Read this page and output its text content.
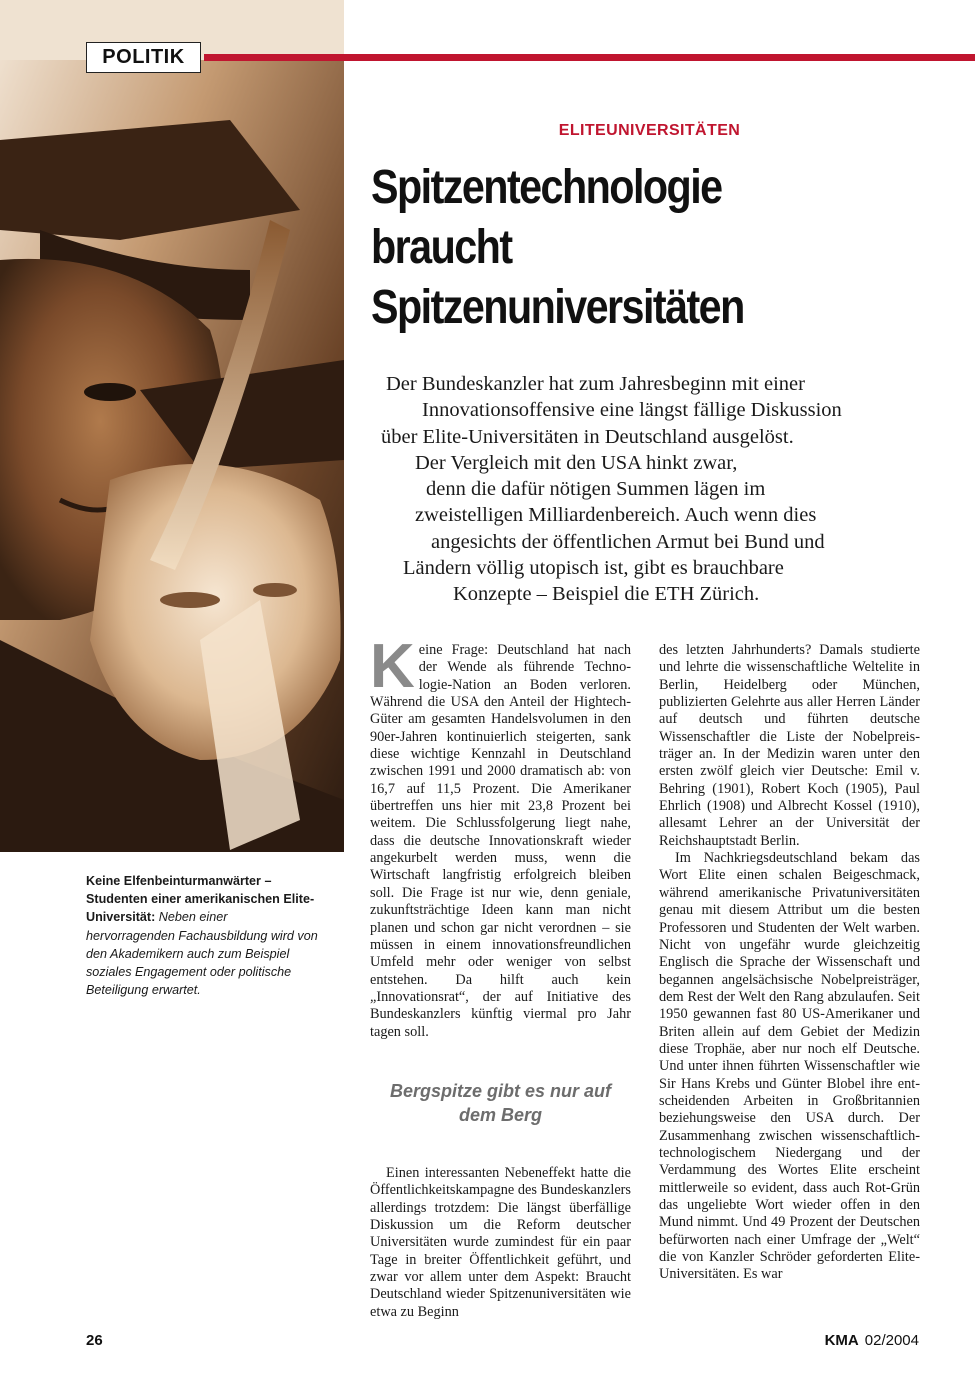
POLITIK
ELITEUNIVERSITÄTEN
Spitzentechnologie
braucht
Spitzenuniversitäten
Der Bundeskanzler hat zum Jahresbeginn mit einer
Innovationsoffensive eine längst fällige Diskussion
über Elite-Universitäten in Deutschland ausgelöst.
Der Vergleich mit den USA hinkt zwar,
denn die dafür nötigen Summen lägen im
zweistelligen Milliardenbereich. Auch wenn dies
angesichts der öffentlichen Armut bei Bund und
Ländern völlig utopisch ist, gibt es brauchbare
Konzepte – Beispiel die ETH Zürich.
Keine Elfenbeinturmanwärter – Studenten einer amerikanischen Elite-Universität: Neben einer hervorragenden Fachausbildung wird von den Akademikern auch zum Beispiel soziales Engagement oder politische Beteiligung erwartet.

Keine Frage: Deutschland hat nach der Wende als führende Technologie-Nation an Boden verloren. Während die USA den Anteil der Hightech-Güter am gesamten Handelsvolumen in den 90er-Jahren kontinuierlich steigerten, sank diese wichtige Kennzahl in Deutschland zwischen 1991 und 2000 dramatisch ab: von 16,7 auf 11,5 Prozent. Die Amerikaner übertreffen uns hier mit 23,8 Prozent bei weitem. Die Schlussfolgerung liegt nahe, dass die deutsche Innovationskraft wieder angekurbelt werden muss, wenn die Wirtschaft langfristig erfolgreich bleiben soll. Die Frage ist nur wie, denn geniale, zukunftsträchtige Ideen kann man nicht planen und schon gar nicht verordnen – sie müssen in einem innovationsfreundlichen Umfeld mehr oder weniger von selbst entstehen. Da hilft auch kein „Innovationsrat“, der auf Initiative des Bundeskanzlers künftig viermal pro Jahr tagen soll.

Bergspitze gibt es nur auf dem Berg

Einen interessanten Nebeneffekt hatte die Öffentlichkeitskampagne des Bundeskanzlers allerdings trotzdem: Die längst überfällige Diskussion um die Reform deutscher Universitäten wurde zumindest für ein paar Tage in breiter Öffentlichkeit geführt, und zwar vor allem unter dem Aspekt: Braucht Deutschland wieder Spitzenuniversitäten wie etwa zu Beginn

des letzten Jahrhunderts? Damals studierte und lehrte die wissenschaftliche Weltelite in Berlin, Heidelberg oder München, publizierten Gelehrte aus aller Herren Länder auf deutsch und führten deutsche Wissenschaftler die Liste der Nobelpreisträger an. In der Medizin waren unter den ersten zwölf gleich vier Deutsche: Emil v. Behring (1901), Robert Koch (1905), Paul Ehrlich (1908) und Albrecht Kossel (1910), allesamt Lehrer an der Universität der Reichshauptstadt Berlin.

Im Nachkriegsdeutschland bekam das Wort Elite einen schalen Beigeschmack, während amerikanische Privatuniversitäten genau mit diesem Attribut um die besten Professoren und Studenten der Welt warben. Nicht von ungefähr wurde gleichzeitig Englisch die Sprache der Wissenschaft und begannen angelsächsische Nobelpreisträger, dem Rest der Welt den Rang abzulaufen. Seit 1950 gewannen fast 80 US-Amerikaner und Briten allein auf dem Gebiet der Medizin diese Trophäe, aber nur noch elf Deutsche. Und unter ihnen führten Wissenschaftler wie Sir Hans Krebs und Günter Blobel ihre entscheidenden Arbeiten in Großbritannien beziehungsweise den USA durch. Der Zusammenhang zwischen wissenschaftlich-technologischem Niedergang und der Verdammung des Wortes Elite erscheint mittlerweile so evident, dass auch Rot-Grün das ungeliebte Wort wieder offen in den Mund nimmt. Und 49 Prozent der Deutschen befürworten nach einer Umfrage der „Welt“ die von Kanzler Schröder geforderten Elite-Universitäten. Es war

26	KMA 02/2004
